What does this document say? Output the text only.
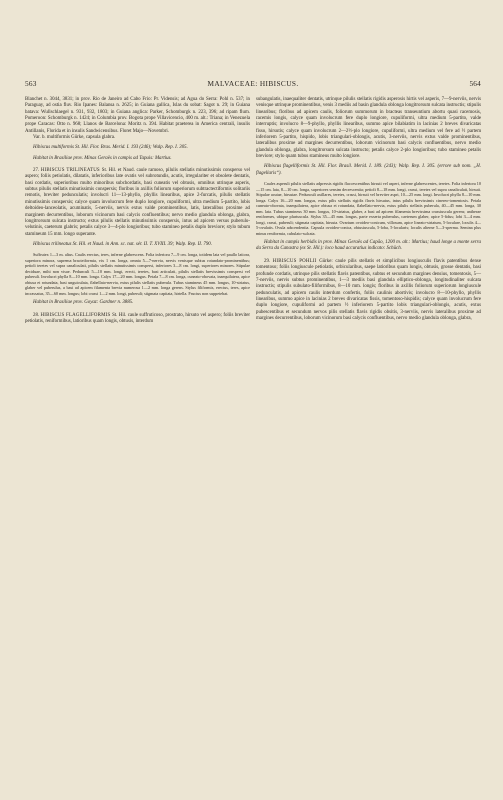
563	MALVACEAE: HIBISCUS.	564

Blanchet n. 3044, 3831; in prov. Rio de Janeiro ad Cabo Frio: Pr. Vidensis; ad Agua do Serra: Pohl n. 537; in Paraguay, ad ostia fluv. Rio Ipanes: Balansa n. 2625; in Guiana gallica, Islas du sobat: Sagot n. 29; in Guiana batava: Wullschlaegel n. 931, 932, 1803; in Guiana anglica: Parker, Schomburgk n. 223, 396; ad ripam flum. Pomeroon: Schomburgk n. 1424; in Columbia prov. Bogota prope Villavicencio, 400 m. alt.: Triana; in Venezuela prope Caracas: Otto n. 968; Llanos de Barcelona: Moritz n. 394. Habitat praeterea in America centrali, insulis Antillanis, Florida et in insulis Sandwicensibus. Floret Majo—Novembri.

Var. b. multiformis Gürke, capsula glabra.

Hibiscus multiformis St. Hil. Flor. Bras. Merid. I. 193 (246); Walp. Rep. I. 305.

Habitat in Brasiliae prov. Minas Geraës in campis ad Tapuis: Martius.

27. HIBISCUS TRILINEATUS St. Hil. et Naud. caule ramoso, pilulis stellatis minutissimis conspersо vel aspero; foliis petiolatis, dilatatis, inferioribus late ovatis vel subrotundis, acutis, irregulariter et obsolete dentatis, basi cordatis, superioribus multo minoribus subchordatis, basi cuneatis vel obtusis, omnibus utrinque asperis, subtus pilulis stellatis minutissimis conspersis; floribus in axillis foliorum superiorum subtractectiformis solitariis remotis, breviter pedunculatis; involucri 11—13-phyllo, phyllis linearibus, apice 2-furcatis, pilulis stellatis minutissimis conspersis; calyce quam involucrum fere duplo longiore, cupuliformi, ultra medium 5-partito, lobis deltoideo-lanceolatis, acuminatis, 5-nerviis, nervis extus valde prominentibus, latis, lateralibus proxime ad marginem decurrentibus, loborum vicinorum basi calycis confluentibus; nervo medio glandula oblonga, glabra, longitrorsum sulcata instructo; extus pilulis stellatis minutissimis conspersis, intus ad apicem versus puberulo-velutinis, caeterum glabris; petalis calyce 3—4-plo longioribus; tubo stamineo petalis duplo breviore; stylo tubum stamineum 15 mm. longo superante.

Hibiscus trilineatus St. Hil. et Naud. in Ann. sc. nat. sér. II. T. XVIII. 39; Walp. Rep. II. 790.

Suffrutex 1—3 m. altus. Caulis erectus, teres, inferne glabrescens. Folia inferiora 7—9 cm. longa, totidem lata vel paullo latiora, superiora minora, suprema bracteiformia, vix 1 cm. longa, omnia 5—7-nervia, nervis venisque subtus rotundato-prominentibus; petioli teretes vel supra canaliculati, pilulis stellatis minutissimis conspersi, inferiores 3—8 cm. longi, superiores minores. Stipulae deciduae, mihi non visae. Pedunculi 5—10 mm. longi, erecti, teretes, basi articulati, pilulis stellatis brevissimis conspersi vel puberuli. Involucri phylla 8—10 mm. longa. Calyx 17—20 mm. longus. Petala 7—8 cm. longa, cuneato-obovata, inaequilatera, apice obtusa et rotundata, basi unguiculata, flabellato-nervia, extus pilulis stellatis puberula. Tubus stamineus 45 mm. longus, 10-striatus, glaber vel puberulus, a basi ad apicem filamenta breviа numerosa 1—2 mm. longa gerens. Stylus filiformis, erectus, teres, apice incrassatus, 35—60 mm. longus; lobi crassi 1—2 mm. longi, puberuli; stigmata capitata, hirtella. Fructus non suppetebat.

Habitat in Brasiliae prov. Goyaz: Gardner n. 3885.

28. HIBISCUS FLAGELLIFORMIS St. Hil. caule suffruticoso, prostrato, hirsuto vel aspero; foliis breviter petiolatis, reniformibus, latioribus quam longis, obtusis, interdum

subangulatis, inaequaliter dentatis, utrinque pilulis stellatis rigidis asperosis hirtis vel asperis, 7—9-nerviis, nervis venisque utrinque prominentibus, venis 3 mediis ad basin glandula oblonga longitrorsum sulcata instructis; stipulis linearibus; floribus ad apicem caulis, foliorum summorum in bracteas transeuntium abortu quasi racemosis, racemis longis, calyce quam involucrum fere duplo longiore, cupuliformi, ultra medium 5-partito, valde interruptis; involucro 8—9-phyllo, phyllis linearibus, summo apice bilabiatim in lacinias 2 breves divaricatas fisso, hirsutis; calyce quam involucrum 2—2½-plo longiore, cupuliformi, ultra medium vel fere ad ½ partem inferiorem 5-partito, hispido, lobis triangulari-oblongis, acutis, 3-nerviis, nervis extus valde prominentibus, lateralibus proxime ad margines decurrentibus, loborum vicinorum basi calycis confluentibus, nervo medio glandula oblonga, glabra, longitrorsum sulcata instructo; petalis calyce 2-plo longioribus; tubo stamineo petalis breviore; stylo quam tubus stamineus multo longiore.

Hibiscus flagelliformis St. Hil. Flor. Brasil. Merid. I. 189. (243); Walp. Rep. I. 305. (errore sub nom. „H. flagellaris“).

Caules asperuli pilulis stellatis adpressis rigidis flaccescentibus hirsuti vel asperi, inferne glabrescentes, teretes. Folia inferiora 10—15 cm. lata, 8—10 cm. longa, superiores sensim decrescentia; petioli 8—18 mm. longi, crassi, teretes vel supra canaliculati, hirsuti. Stipulae acutae, hirsutae. Pedunculi axillares, teretes, crassi, hirsuti vel breviter aspri, 10—25 mm. longi. Involucri phylla 8—10 mm. longa. Calyx 16—20 mm. longus, extus pilis stellatis rigidis flavis hirsutus, intus pilulis brevissimis cinereo-tomentosis. Petala cuneato-obovata, inaequilatera, apice obtusa et rotundata, flabellato-nervia, extus pilulis stellatis puberula, 40—45 mm. longa, 30 mm. lata. Tubus stamineus 30 mm. longus, 10-striatus, glaber, a basi ad apicem filamenta brevissima crassiuscula gerens; antherae reniformes, ubique pluriuscula. Stylus 35—45 mm. longus, parte exserta puberulus, caeterum glaber, apice 5-fidus; lobi 3—4 mm. longi, crassi, puberuli; stigmata capitata, hirsuta. Ovarium ovoideo-conicum, villosum, apice lineato-striatum, 5-loculare, loculis 4—5-ovulatis. Ovula adscendentia. Capsula ovoideo-conica, obtusiuscula, 5-loba, 5-locularis; loculis alterne 5—3-sperma. Semina plus minus reniformia, cubulato-sulcata.

Habitat in campis herbidis in prov. Minas Geraës ad Capão, 1200 m. alt.: Martius; haud longe a monte serra da Serra da Canastra (ex St. Hil.): loco haud accuratius indicato: Schüch.

29. HIBISCUS POHLII Gürke: caule pilis stellatis et simplicibus longiusculis flavis patentibus dense tomentoso; foliis longiuscule petiolatis, orbicularibus, saepe latioribus quam longis, obtusis, grosse dentatis, basi profunde cordatis, utrinque pilis stellatis flavis patentibus, subtus et secundum margines densius, tomentosis, 5—7-nerviis, nervis subtus prominentibus, 1—3 mediis basi glandula elliptico-oblonga, longitudinaliter sulcata instructis; stipulis subulato-filiformibus, 8—10 mm. longis; floribus in axillis foliorum superiorum longiuscule pedunculatis, ad apicem caulis interdum confertis, foliis caulinis abortivis; involucro 8—10-phyllo, phyllis linearibus, summo apice in lacinias 2 breves divaricatas fissis, tomentoso-hispidis; calyce quam involucrum fere duplo longiore, cupuliformi ad partem ½ inferiorem 5-partito lobis triangulari-oblongis, acutis, extus pubescentibus et secundum nervos pilis stellatis flavis rigidis obsitis, 3-nerviis, nervis lateralibus proxime ad margines decurrentibus, loborum vicinorum basi calycis confluentibus, nervo medio glandula oblonga, glabra,
